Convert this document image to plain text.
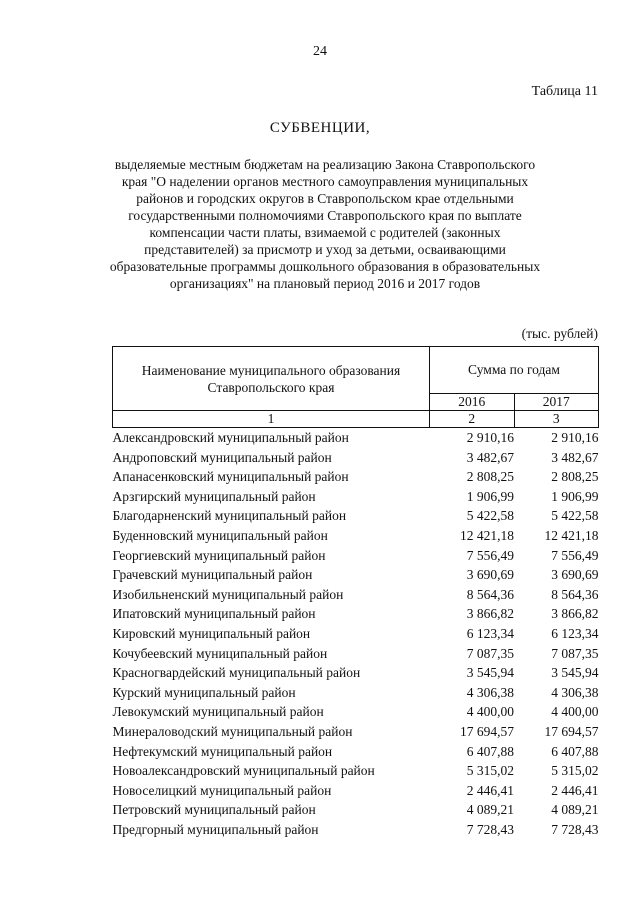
24
Таблица 11
СУБВЕНЦИИ,
выделяемые местным бюджетам на реализацию Закона Ставропольского края "О наделении органов местного самоуправления муниципальных районов и городских округов в Ставропольском крае отдельными государственными полномочиями Ставропольского края по выплате компенсации части платы, взимаемой с родителей (законных представителей) за присмотр и уход за детьми, осваивающими образовательные программы дошкольного образования в образовательных организациях" на плановый период 2016 и 2017 годов
(тыс. рублей)
Наименование муниципального образования Ставропольского края	Сумма по годам	
	2016	2017
1	2	3
Александровский муниципальный район	2 910,16	2 910,16
Андроповский муниципальный район	3 482,67	3 482,67
Апанасенковский муниципальный район	2 808,25	2 808,25
Арзгирский муниципальный район	1 906,99	1 906,99
Благодарненский муниципальный район	5 422,58	5 422,58
Буденновский муниципальный район	12 421,18	12 421,18
Георгиевский муниципальный район	7 556,49	7 556,49
Грачевский муниципальный район	3 690,69	3 690,69
Изобильненский муниципальный район	8 564,36	8 564,36
Ипатовский муниципальный район	3 866,82	3 866,82
Кировский муниципальный район	6 123,34	6 123,34
Кочубеевский муниципальный район	7 087,35	7 087,35
Красногвардейский муниципальный район	3 545,94	3 545,94
Курский муниципальный район	4 306,38	4 306,38
Левокумский муниципальный район	4 400,00	4 400,00
Минераловодский муниципальный район	17 694,57	17 694,57
Нефтекумский муниципальный район	6 407,88	6 407,88
Новоалександровский муниципальный район	5 315,02	5 315,02
Новоселицкий муниципальный район	2 446,41	2 446,41
Петровский муниципальный район	4 089,21	4 089,21
Предгорный муниципальный район	7 728,43	7 728,43
